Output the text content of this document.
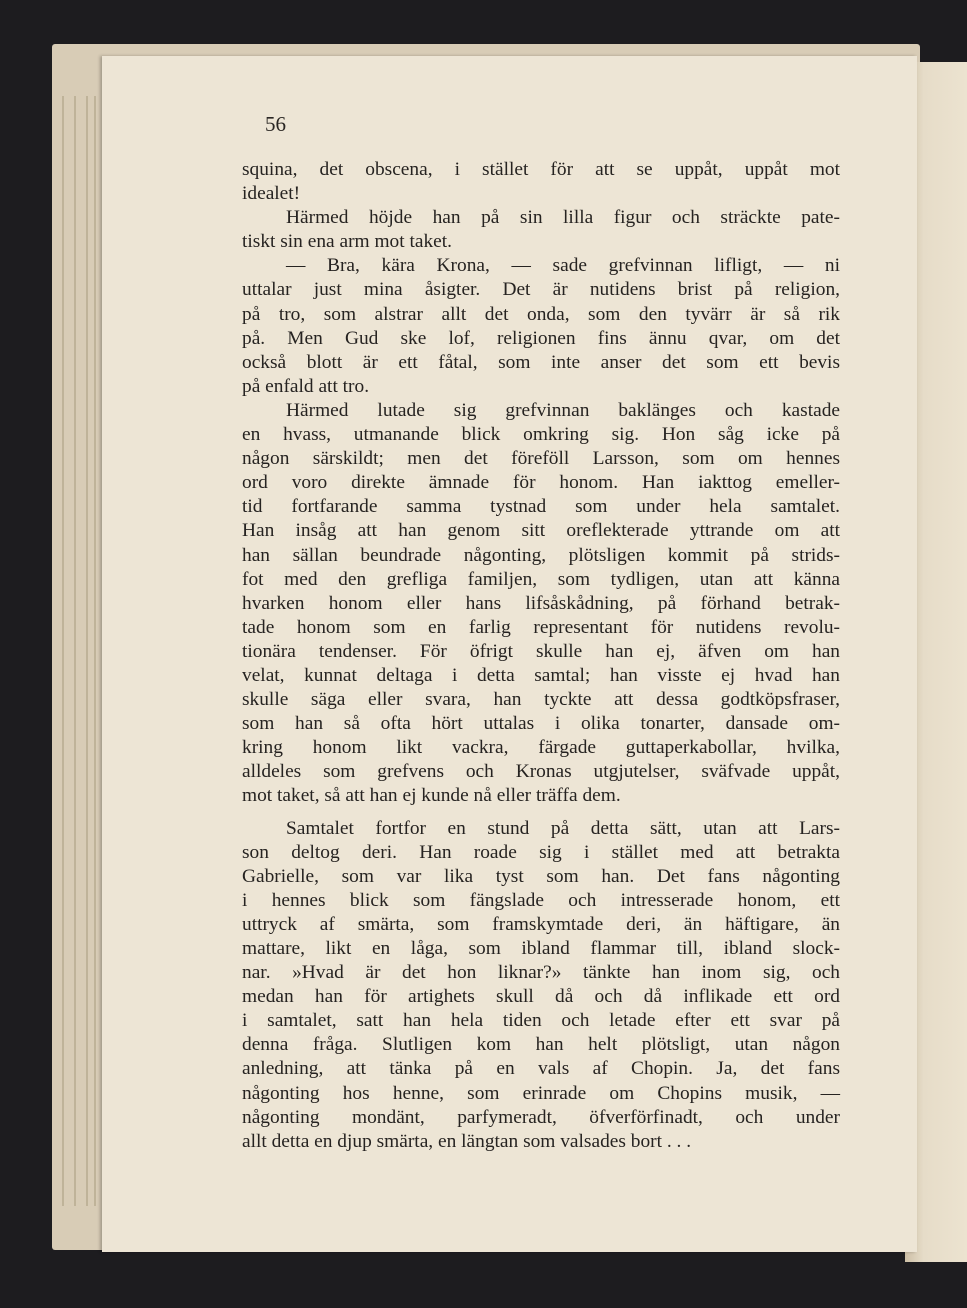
56
squina, det obscena, i stället för att se uppåt, uppåt mot
idealet!
Härmed höjde han på sin lilla figur och sträckte pate-
tiskt sin ena arm mot taket.
— Bra, kära Krona, — sade grefvinnan lifligt, — ni
uttalar just mina åsigter. Det är nutidens brist på religion,
på tro, som alstrar allt det onda, som den tyvärr är så rik
på. Men Gud ske lof, religionen fins ännu qvar, om det
också blott är ett fåtal, som inte anser det som ett bevis
på enfald att tro.
Härmed lutade sig grefvinnan baklänges och kastade
en hvass, utmanande blick omkring sig. Hon såg icke på
någon särskildt; men det föreföll Larsson, som om hennes
ord voro direkte ämnade för honom. Han iakttog emeller-
tid fortfarande samma tystnad som under hela samtalet.
Han insåg att han genom sitt oreflekterade yttrande om att
han sällan beundrade någonting, plötsligen kommit på strids-
fot med den grefliga familjen, som tydligen, utan att känna
hvarken honom eller hans lifsåskådning, på förhand betrak-
tade honom som en farlig representant för nutidens revolu-
tionära tendenser. För öfrigt skulle han ej, äfven om han
velat, kunnat deltaga i detta samtal; han visste ej hvad han
skulle säga eller svara, han tyckte att dessa godtköpsfraser,
som han så ofta hört uttalas i olika tonarter, dansade om-
kring honom likt vackra, färgade guttaperkabollar, hvilka,
alldeles som grefvens och Kronas utgjutelser, sväfvade uppåt,
mot taket, så att han ej kunde nå eller träffa dem.
Samtalet fortfor en stund på detta sätt, utan att Lars-
son deltog deri. Han roade sig i stället med att betrakta
Gabrielle, som var lika tyst som han. Det fans någonting
i hennes blick som fängslade och intresserade honom, ett
uttryck af smärta, som framskymtade deri, än häftigare, än
mattare, likt en låga, som ibland flammar till, ibland slock-
nar. »Hvad är det hon liknar?» tänkte han inom sig, och
medan han för artighets skull då och då inflikade ett ord
i samtalet, satt han hela tiden och letade efter ett svar på
denna fråga. Slutligen kom han helt plötsligt, utan någon
anledning, att tänka på en vals af Chopin. Ja, det fans
någonting hos henne, som erinrade om Chopins musik, —
någonting mondänt, parfymeradt, öfverförfinadt, och under
allt detta en djup smärta, en längtan som valsades bort . . .
